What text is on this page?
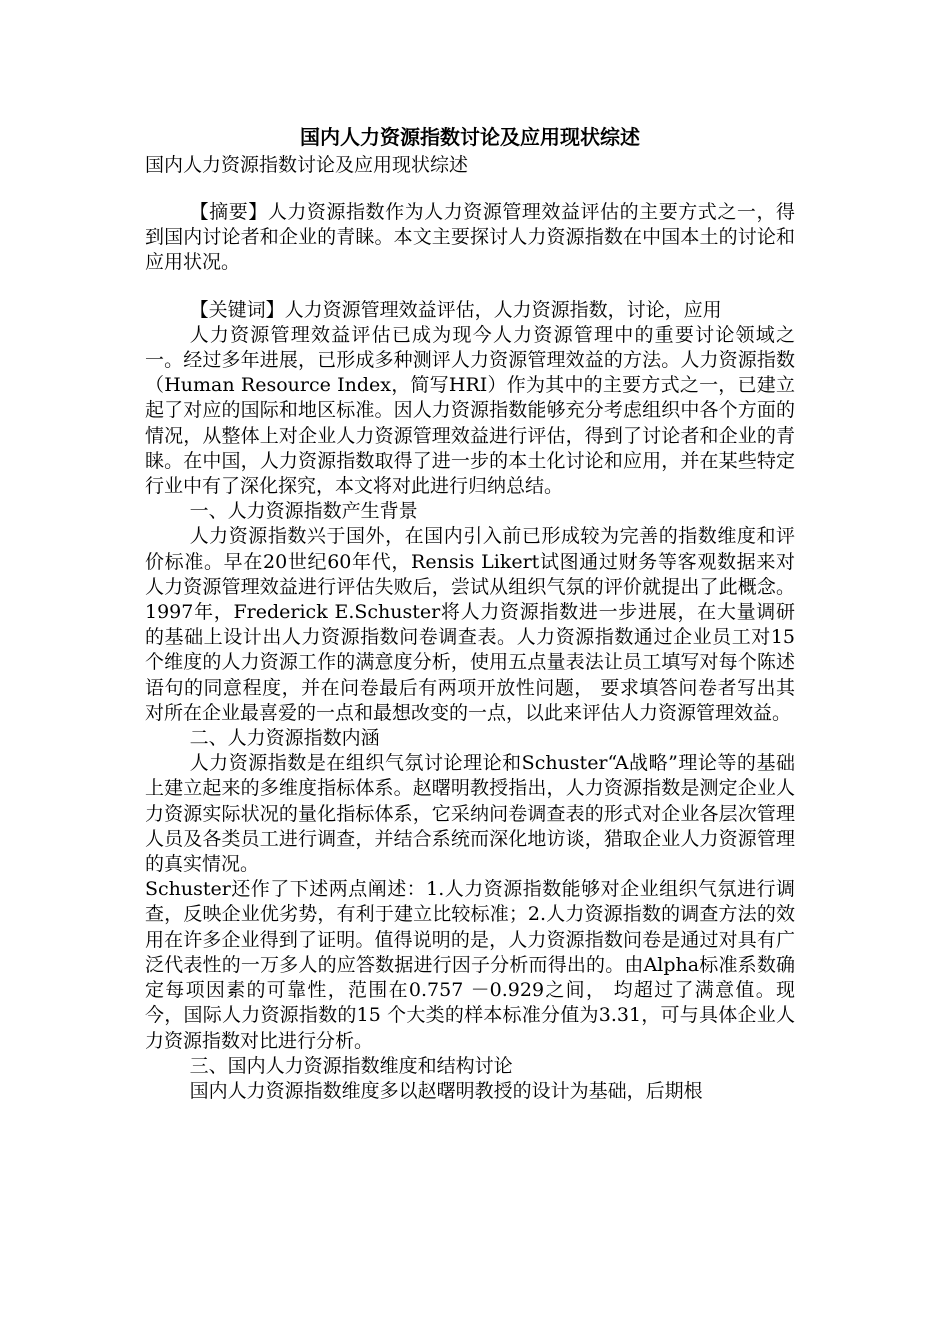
国内人力资源指数讨论及应用现状综述

国内人力资源指数讨论及应用现状综述

【摘要】人力资源指数作为人力资源管理效益评估的主要方式之一，得到国内讨论者和企业的青睐。本文主要探讨人力资源指数在中国本土的讨论和应用状况。

【关键词】人力资源管理效益评估，人力资源指数，讨论，应用

人力资源管理效益评估已成为现今人力资源管理中的重要讨论领域之一。经过多年进展，已形成多种测评人力资源管理效益的方法。人力资源指数（Human Resource Index，简写HRI）作为其中的主要方式之一，已建立起了对应的国际和地区标准。因人力资源指数能够充分考虑组织中各个方面的情况，从整体上对企业人力资源管理效益进行评估，得到了讨论者和企业的青睐。在中国，人力资源指数取得了进一步的本土化讨论和应用，并在某些特定行业中有了深化探究，本文将对此进行归纳总结。

一、人力资源指数产生背景

人力资源指数兴于国外，在国内引入前已形成较为完善的指数维度和评价标准。早在20世纪60年代，Rensis Likert试图通过财务等客观数据来对人力资源管理效益进行评估失败后，尝试从组织气氛的评价就提出了此概念。1997年，Frederick E.Schuster将人力资源指数进一步进展，在大量调研的基础上设计出人力资源指数问卷调查表。人力资源指数通过企业员工对15个维度的人力资源工作的满意度分析，使用五点量表法让员工填写对每个陈述语句的同意程度，并在问卷最后有两项开放性问题， 要求填答问卷者写出其对所在企业最喜爱的一点和最想改变的一点，以此来评估人力资源管理效益。

二、人力资源指数内涵

人力资源指数是在组织气氛讨论理论和Schuster“A战略”理论等的基础上建立起来的多维度指标体系。赵曙明教授指出，人力资源指数是测定企业人力资源实际状况的量化指标体系，它采纳问卷调查表的形式对企业各层次管理人员及各类员工进行调查，并结合系统而深化地访谈，猎取企业人力资源管理的真实情况。

Schuster还作了下述两点阐述：1.人力资源指数能够对企业组织气氛进行调查，反映企业优劣势，有利于建立比较标准；2.人力资源指数的调查方法的效用在许多企业得到了证明。值得说明的是，人力资源指数问卷是通过对具有广泛代表性的一万多人的应答数据进行因子分析而得出的。由Alpha标准系数确定每项因素的可靠性，范围在0.757 －0.929之间， 均超过了满意值。现今，国际人力资源指数的15 个大类的样本标准分值为3.31，可与具体企业人力资源指数对比进行分析。

三、国内人力资源指数维度和结构讨论

国内人力资源指数维度多以赵曙明教授的设计为基础，后期根
